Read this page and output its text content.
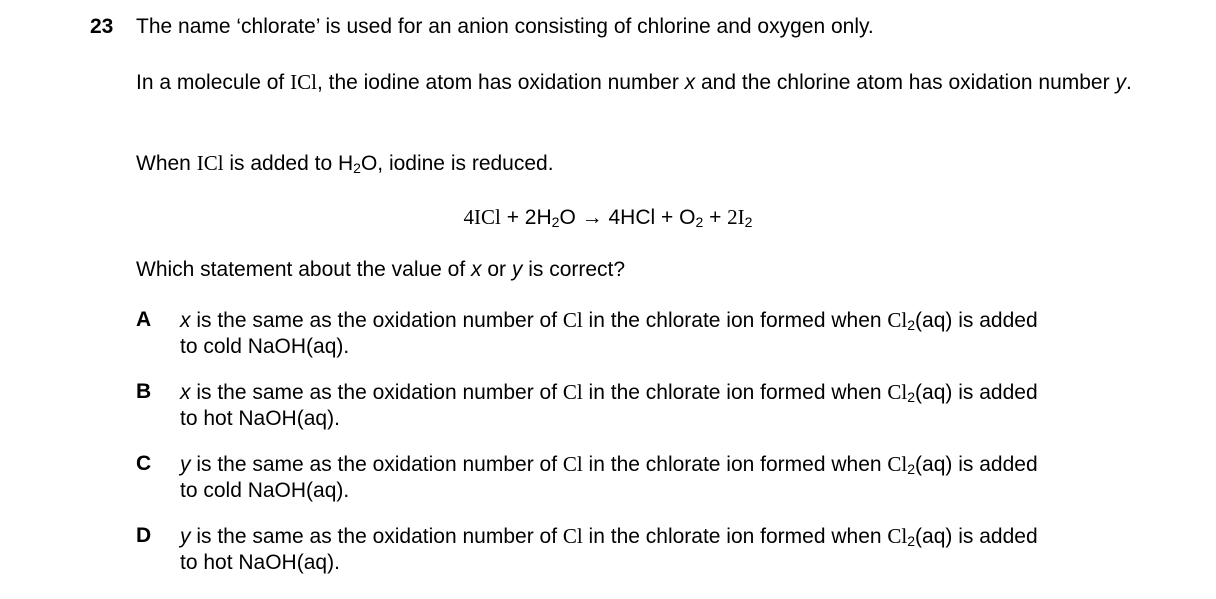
23 The name ‘chlorate’ is used for an anion consisting of chlorine and oxygen only.
In a molecule of ICl, the iodine atom has oxidation number x and the chlorine atom has oxidation number y.
When ICl is added to $H_2O$, iodine is reduced.
$4ICl + 2H_2O \to 4HCl + O_2 + 2I_2$
Which statement about the value of x or y is correct?
A x is the same as the oxidation number of Cl in the chlorate ion formed when $Cl_2(aq)$ is added
to cold NaOH(aq).
B x is the same as the oxidation number of Cl in the chlorate ion formed when $Cl_2(aq)$ is added
to hot NaOH(aq).
C y is the same as the oxidation number of Cl in the chlorate ion formed when $Cl_2(aq)$ is added
to cold NaOH(aq).
D y is the same as the oxidation number of Cl in the chlorate ion formed when $Cl_2(aq)$ is added
to hot NaOH(aq).
